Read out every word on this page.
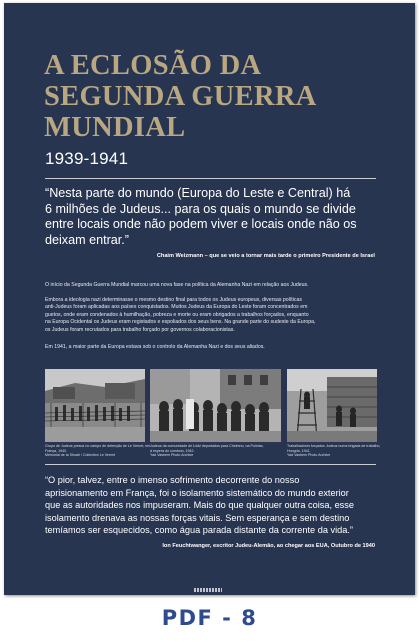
A ECLOSÃO DA
SEGUNDA GUERRA
MUNDIAL
1939-1941

“Nesta parte do mundo (Europa do Leste e Central) há
6 milhões de Judeus... para os quais o mundo se divide
entre locais onde não podem viver e locais onde não os
deixam entrar.”

Chaim Weizmann – que se veio a tornar mais tarde o primeiro Presidente de Israel

O início da Segunda Guerra Mundial marcou uma nova fase na política da Alemanha Nazi em relação aos Judeus.

Embora a ideologia nazi determinasse o mesmo destino final para todos os Judeus europeus, diversas políticas
anti-Judeus foram aplicadas aos países conquistados. Muitos Judeus da Europa do Leste foram concentrados em
guetos, onde eram condenados à humilhação, pobreza e morte ou eram obrigados a trabalhos forçados, enquanto
na Europa Ocidental os Judeus eram registados e espoliados dos seus bens. Na grande parte do sudeste da Europa,
os Judeus foram recrutados para trabalho forçado por governos colaboracionistas.

Em 1941, a maior parte da Europa estava sob o controlo da Alemanha Nazi e dos seus aliados.

Grupo de Judeus presos no campo de detenção de Le Vernet, em
França, 1940.
Mémorial de la Shoah / Collection Le Vernet
Judeus da comunidade de Łódź deportados para Chelmno, na Polónia,
à espera do comboio, 1942.
Yad Vashem Photo Archive
Trabalhadores forçados Judeus numa brigada de trabalho,
Hungria, 1941.
Yad Vashem Photo Archive

“O pior, talvez, entre o imenso sofrimento decorrente do nosso
aprisionamento em França, foi o isolamento sistemático do mundo exterior
que as autoridades nos impuseram. Mais do que qualquer outra coisa, esse
isolamento drenava as nossas forças vitais. Sem esperança e sem destino
temíamos ser esquecidos, como água parada distante da corrente da vida.”

Ion Feuchtwanger, escritor Judeu-Alemão, ao chegar aos EUA, Outubro de 1940
PDF - 8
